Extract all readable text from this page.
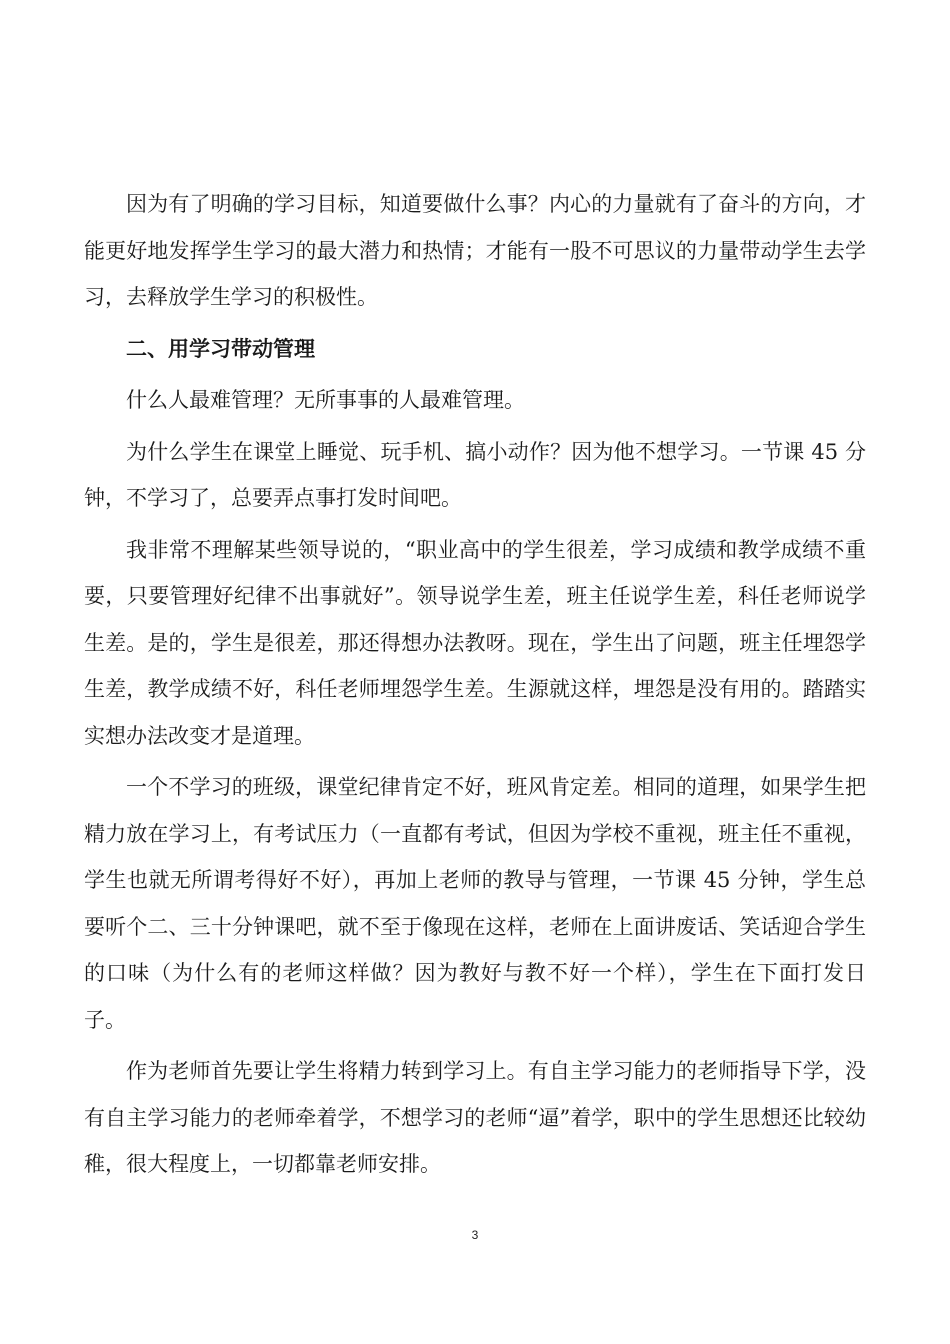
因为有了明确的学习目标，知道要做什么事？内心的力量就有了奋斗的方向，才能更好地发挥学生学习的最大潜力和热情；才能有一股不可思议的力量带动学生去学习，去释放学生学习的积极性。

二、用学习带动管理

什么人最难管理？无所事事的人最难管理。

为什么学生在课堂上睡觉、玩手机、搞小动作？因为他不想学习。一节课 45 分钟，不学习了，总要弄点事打发时间吧。

我非常不理解某些领导说的，“职业高中的学生很差，学习成绩和教学成绩不重要，只要管理好纪律不出事就好”。领导说学生差，班主任说学生差，科任老师说学生差。是的，学生是很差，那还得想办法教呀。现在，学生出了问题，班主任埋怨学生差，教学成绩不好，科任老师埋怨学生差。生源就这样，埋怨是没有用的。踏踏实实想办法改变才是道理。

一个不学习的班级，课堂纪律肯定不好，班风肯定差。相同的道理，如果学生把精力放在学习上，有考试压力（一直都有考试，但因为学校不重视，班主任不重视，学生也就无所谓考得好不好），再加上老师的教导与管理，一节课 45 分钟，学生总要听个二、三十分钟课吧，就不至于像现在这样，老师在上面讲废话、笑话迎合学生的口味（为什么有的老师这样做？因为教好与教不好一个样），学生在下面打发日子。

作为老师首先要让学生将精力转到学习上。有自主学习能力的老师指导下学，没有自主学习能力的老师牵着学，不想学习的老师“逼”着学，职中的学生思想还比较幼稚，很大程度上，一切都靠老师安排。

3
